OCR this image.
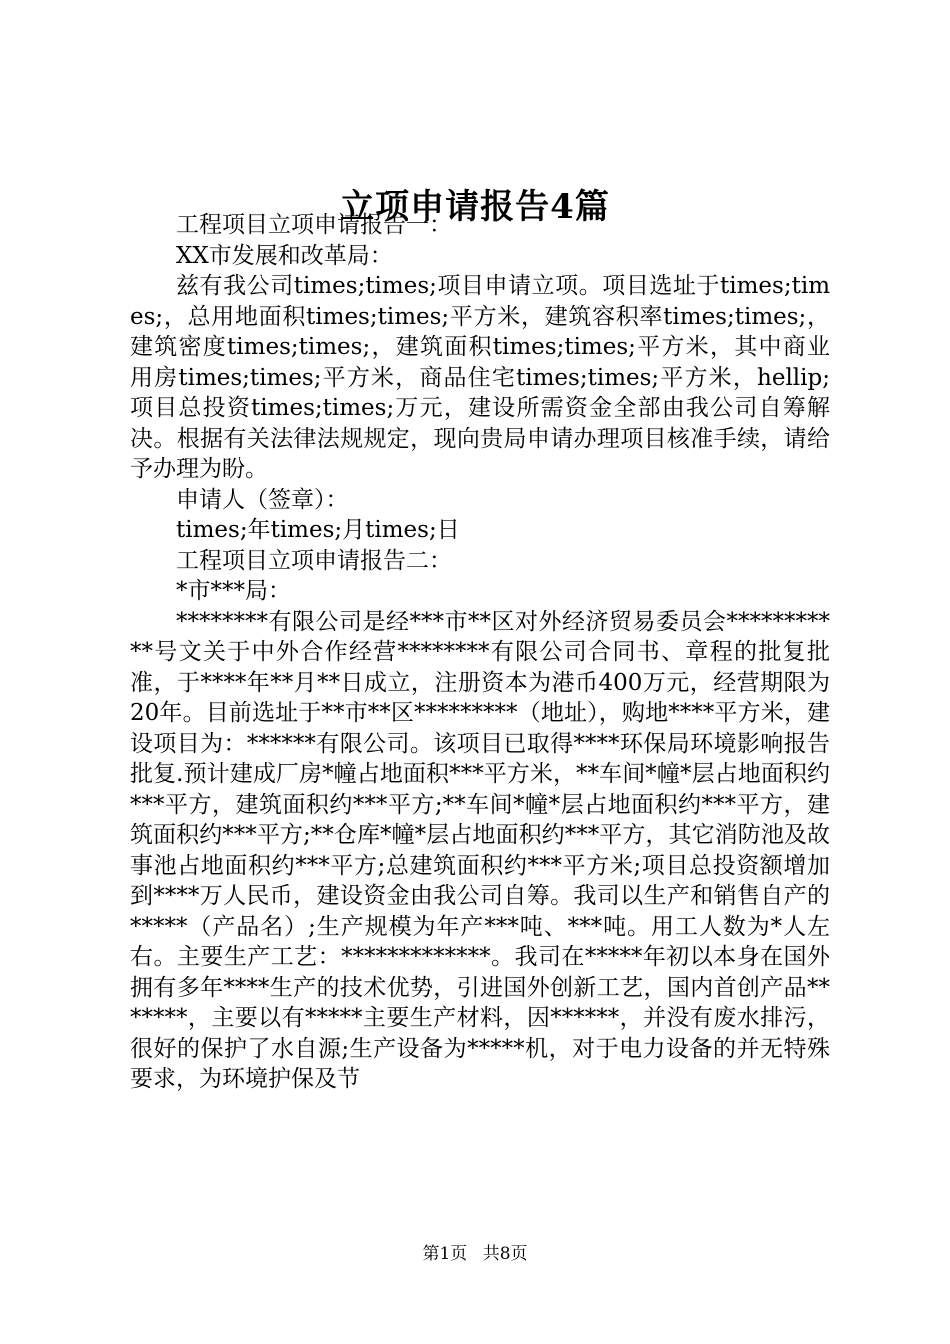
立项申请报告4篇

工程项目立项申请报告一：

XX市发展和改革局：

兹有我公司times;times;项目申请立项。项目选址于times;times;，总用地面积times;times;平方米，建筑容积率times;times;，建筑密度times;times;，建筑面积times;times;平方米，其中商业用房times;times;平方米，商品住宅times;times;平方米，hellip;项目总投资times;times;万元，建设所需资金全部由我公司自筹解决。根据有关法律法规规定，现向贵局申请办理项目核准手续，请给予办理为盼。

申请人（签章）：

times;年times;月times;日

工程项目立项申请报告二：

*市***局：

********有限公司是经***市**区对外经济贸易委员会***********号文关于中外合作经营********有限公司合同书、章程的批复批准，于****年**月**日成立，注册资本为港币400万元，经营期限为20年。目前选址于**市**区*********（地址），购地****平方米，建设项目为：******有限公司。该项目已取得****环保局环境影响报告批复.预计建成厂房*幢占地面积***平方米，**车间*幢*层占地面积约***平方，建筑面积约***平方;**车间*幢*层占地面积约***平方，建筑面积约***平方;**仓库*幢*层占地面积约***平方，其它消防池及故事池占地面积约***平方;总建筑面积约***平方米;项目总投资额增加到****万人民币，建设资金由我公司自筹。我司以生产和销售自产的*****（产品名）;生产规模为年产***吨、***吨。用工人数为*人左右。主要生产工艺：*************。我司在*****年初以本身在国外拥有多年****生产的技术优势，引进国外创新工艺，国内首创产品*******，主要以有*****主要生产材料，因******，并没有废水排污，很好的保护了水自源;生产设备为*****机，对于电力设备的并无特殊要求，为环境护保及节

第1页 共8页
